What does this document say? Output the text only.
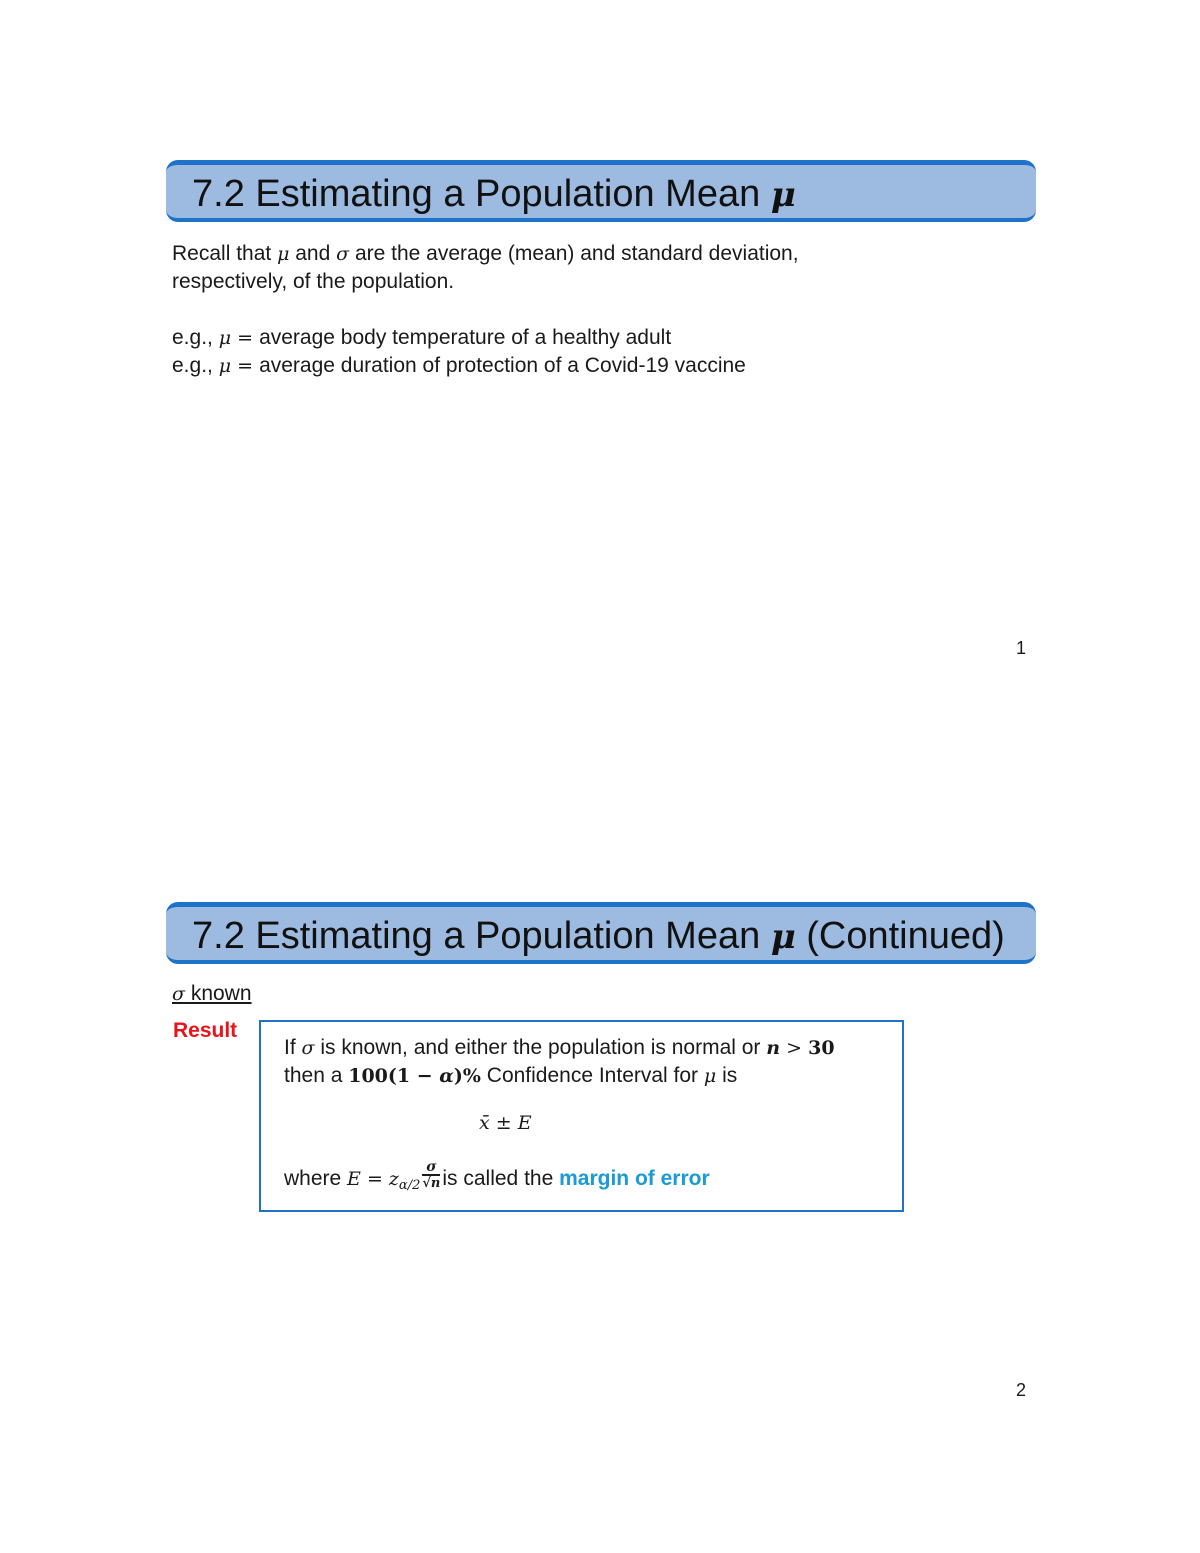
7.2 Estimating a Population Mean μ
Recall that μ and σ are the average (mean) and standard deviation,
respectively, of the population.
e.g., μ = average body temperature of a healthy adult
e.g., μ = average duration of protection of a Covid-19 vaccine
1
7.2 Estimating a Population Mean μ (Continued)
σ known
Result
If σ is known, and either the population is normal or n > 30
then a 100(1 − α)% Confidence Interval for μ is
x̄ ± E
where $E = z_{\alpha/2} \frac{\sigma}{√n}$ is called the margin of error
2
